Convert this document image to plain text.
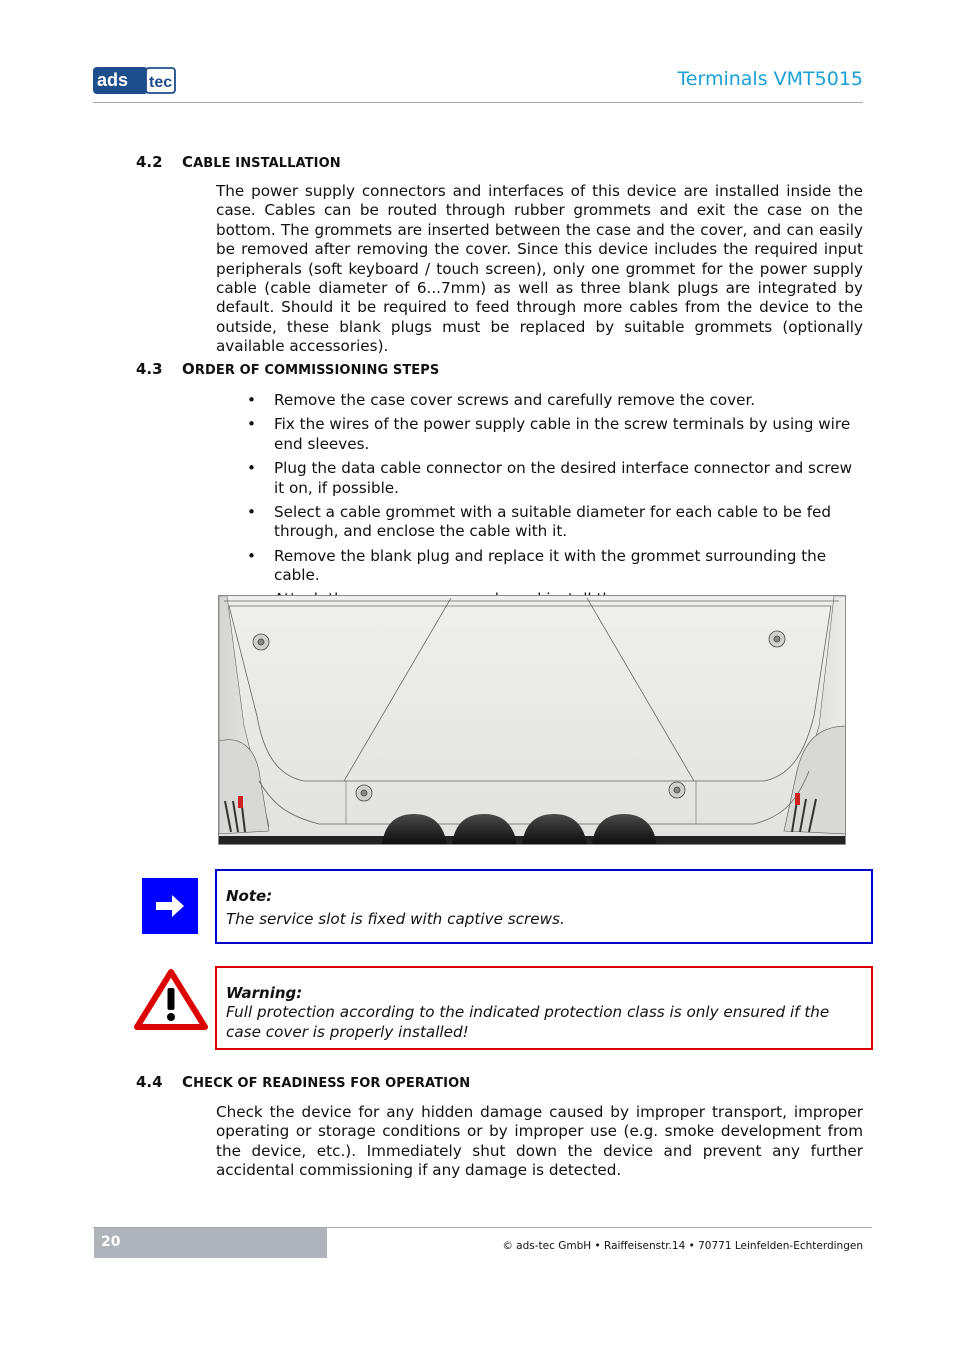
ads tec	Terminals VMT5015
4.2 CABLE INSTALLATION
The power supply connectors and interfaces of this device are installed inside the case. Cables can be routed through rubber grommets and exit the case on the bottom. The grommets are inserted between the case and the cover, and can easily be removed after removing the cover. Since this device includes the required input peripherals (soft keyboard / touch screen), only one grommet for the power supply cable (cable diameter of 6...7mm) as well as three blank plugs are integrated by default. Should it be required to feed through more cables from the device to the outside, these blank plugs must be replaced by suitable grommets (optionally available accessories).
4.3 ORDER OF COMMISSIONING STEPS
• Remove the case cover screws and carefully remove the cover.
• Fix the wires of the power supply cable in the screw terminals by using wire end sleeves.
• Plug the data cable connector on the desired interface connector and screw it on, if possible.
• Select a cable grommet with a suitable diameter for each cable to be fed through, and enclose the cable with it.
• Remove the blank plug and replace it with the grommet surrounding the cable.
Note:
The service slot is fixed with captive screws.
Warning:
Full protection according to the indicated protection class is only ensured if the case cover is properly installed!
4.4 CHECK OF READINESS FOR OPERATION
Check the device for any hidden damage caused by improper transport, improper operating or storage conditions or by improper use (e.g. smoke development from the device, etc.). Immediately shut down the device and prevent any further accidental commissioning if any damage is detected.
20	© ads-tec GmbH • Raiffeisenstr.14 • 70771 Leinfelden-Echterdingen
